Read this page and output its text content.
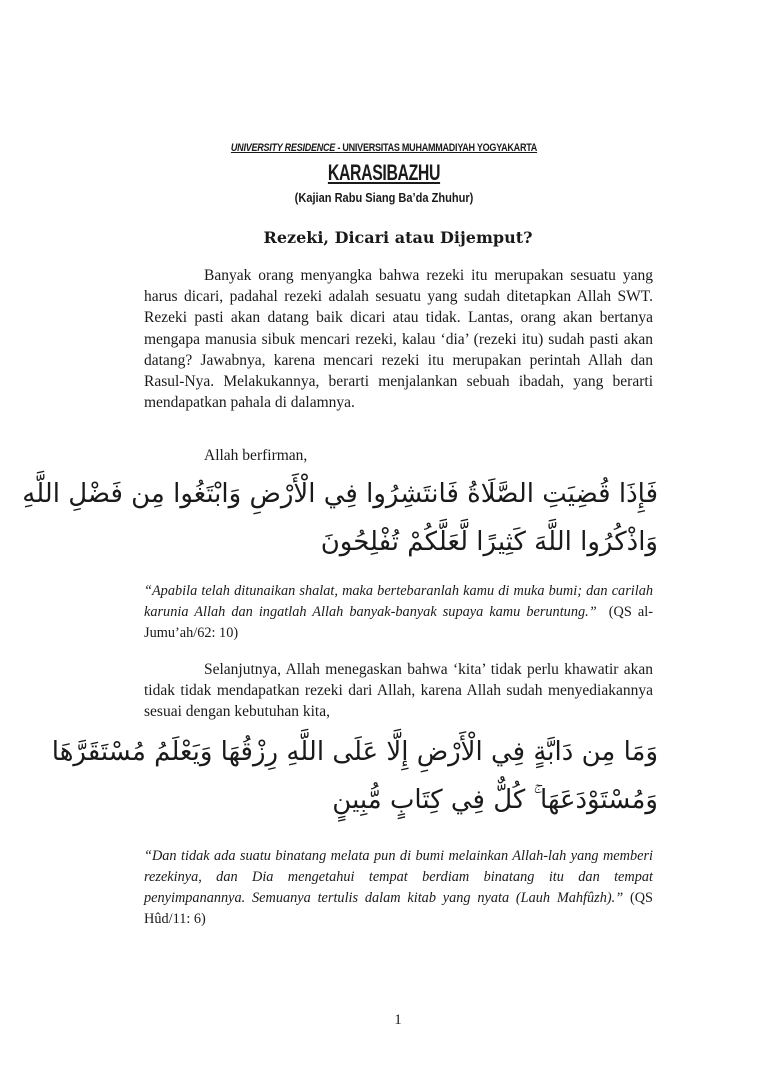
UNIVERSITY RESIDENCE - UNIVERSITAS MUHAMMADIYAH YOGYAKARTA
KARASIBAZHU
(Kajian Rabu Siang Ba’da Zhuhur)
Rezeki, Dicari atau Dijemput?
Banyak orang menyangka bahwa rezeki itu merupakan sesuatu yang harus dicari, padahal rezeki adalah sesuatu yang sudah ditetapkan Allah SWT. Rezeki pasti akan datang baik dicari atau tidak. Lantas, orang akan bertanya mengapa manusia sibuk mencari rezeki, kalau ‘dia’ (rezeki itu) sudah pasti akan datang? Jawabnya, karena mencari rezeki itu merupakan perintah Allah dan Rasul-Nya. Melakukannya, berarti menjalankan sebuah ibadah, yang berarti mendapatkan pahala di dalamnya.
Allah berfirman,
فَإِذَا قُضِيَتِ الصَّلَاةُ فَانتَشِرُوا فِي الْأَرْضِ وَابْتَغُوا مِن فَضْلِ اللَّهِ
وَاذْكُرُوا اللَّهَ كَثِيرًا لَّعَلَّكُمْ تُفْلِحُونَ
“Apabila telah ditunaikan shalat, maka bertebaranlah kamu di muka bumi; dan carilah karunia Allah dan ingatlah Allah banyak-banyak supaya kamu beruntung.” (QS al-Jumu’ah/62: 10)
Selanjutnya, Allah menegaskan bahwa ‘kita’ tidak perlu khawatir akan tidak tidak mendapatkan rezeki dari Allah, karena Allah sudah menyediakannya sesuai dengan kebutuhan kita,
وَمَا مِن دَابَّةٍ فِي الْأَرْضِ إِلَّا عَلَى اللَّهِ رِزْقُهَا وَيَعْلَمُ مُسْتَقَرَّهَا
وَمُسْتَوْدَعَهَا ۚ كُلٌّ فِي كِتَابٍ مُّبِينٍ
“Dan tidak ada suatu binatang melata pun di bumi melainkan Allah-lah yang memberi rezekinya, dan Dia mengetahui tempat berdiam binatang itu dan tempat penyimpanannya. Semuanya tertulis dalam kitab yang nyata (Lauh Mahfûzh).” (QS Hûd/11: 6)
1
